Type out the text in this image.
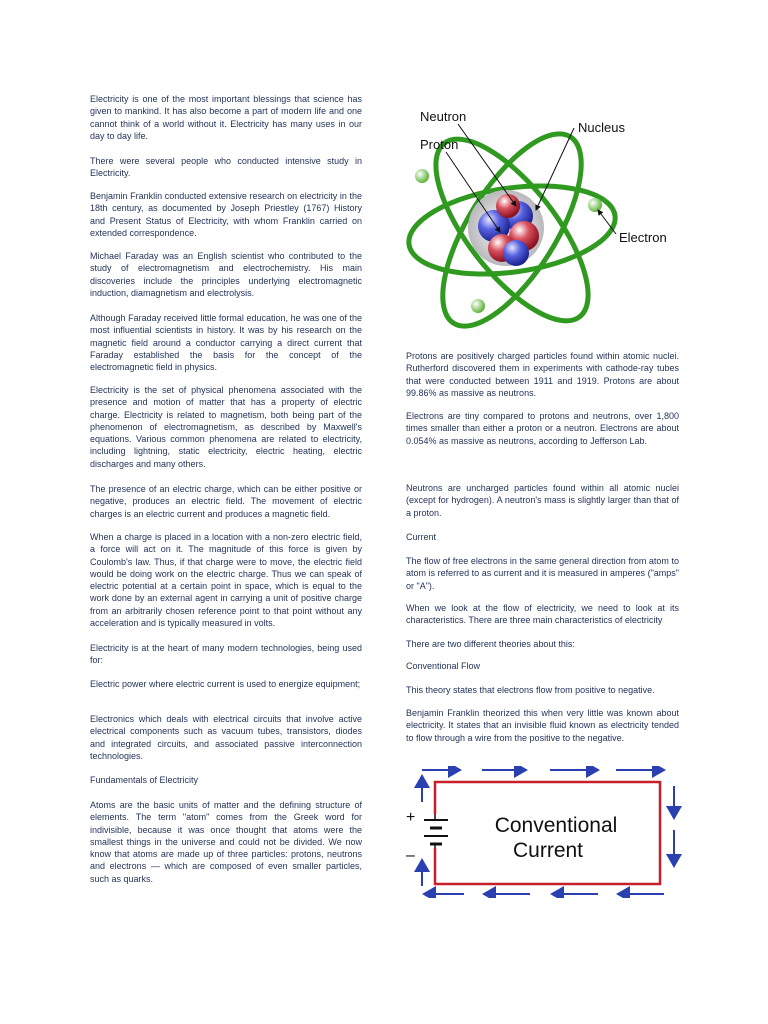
Electricity is one of the most important blessings that science has given to mankind. It has also become a part of modern life and one cannot think of a world without it. Electricity has many uses in our day to day life.

There were several people who conducted intensive study in Electricity.

Benjamin Franklin conducted extensive research on electricity in the 18th century, as documented by Joseph Priestley (1767) History and Present Status of Electricity, with whom Franklin carried on extended correspondence.

Michael Faraday was an English scientist who contributed to the study of electromagnetism and electrochemistry. His main discoveries include the principles underlying electromagnetic induction, diamagnetism and electrolysis.

Although Faraday received little formal education, he was one of the most influential scientists in history. It was by his research on the magnetic field around a conductor carrying a direct current that Faraday established the basis for the concept of the electromagnetic field in physics.

Electricity is the set of physical phenomena associated with the presence and motion of matter that has a property of electric charge. Electricity is related to magnetism, both being part of the phenomenon of electromagnetism, as described by Maxwell's equations. Various common phenomena are related to electricity, including lightning, static electricity, electric heating, electric discharges and many others.

The presence of an electric charge, which can be either positive or negative, produces an electric field. The movement of electric charges is an electric current and produces a magnetic field.

When a charge is placed in a location with a non-zero electric field, a force will act on it. The magnitude of this force is given by Coulomb's law. Thus, if that charge were to move, the electric field would be doing work on the electric charge. Thus we can speak of electric potential at a certain point in space, which is equal to the work done by an external agent in carrying a unit of positive charge from an arbitrarily chosen reference point to that point without any acceleration and is typically measured in volts.

Electricity is at the heart of many modern technologies, being used for:

Electric power where electric current is used to energize equipment;

Electronics which deals with electrical circuits that involve active electrical components such as vacuum tubes, transistors, diodes and integrated circuits, and associated passive interconnection technologies.

Fundamentals of Electricity

Atoms are the basic units of matter and the defining structure of elements. The term "atom" comes from the Greek word for indivisible, because it was once thought that atoms were the smallest things in the universe and could not be divided. We now know that atoms are made up of three particles: protons, neutrons and electrons — which are composed of even smaller particles, such as quarks.

Neutron
Proton
Nucleus
Electron

Protons are positively charged particles found within atomic nuclei. Rutherford discovered them in experiments with cathode-ray tubes that were conducted between 1911 and 1919. Protons are about 99.86% as massive as neutrons.

Electrons are tiny compared to protons and neutrons, over 1,800 times smaller than either a proton or a neutron. Electrons are about 0.054% as massive as neutrons, according to Jefferson Lab.

Neutrons are uncharged particles found within all atomic nuclei (except for hydrogen). A neutron's mass is slightly larger than that of a proton.

Current

The flow of free electrons in the same general direction from atom to atom is referred to as current and it is measured in amperes ("amps" or "A").

When we look at the flow of electricity, we need to look at its characteristics. There are three main characteristics of electricity

There are two different theories about this:

Conventional Flow

This theory states that electrons flow from positive to negative.

Benjamin Franklin theorized this when very little was known about electricity. It states that an invisible fluid known as electricity tended to flow through a wire from the positive to the negative.

+
–
Conventional
Current
